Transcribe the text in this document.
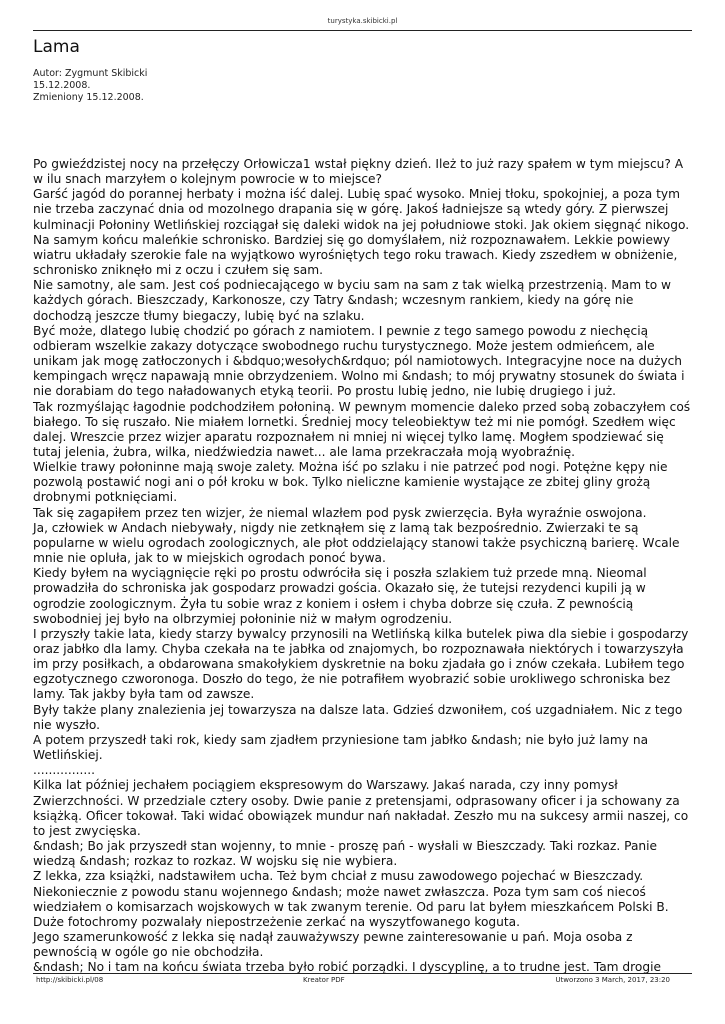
turystyka.skibicki.pl
Lama
Autor: Zygmunt Skibicki
15.12.2008.
Zmieniony 15.12.2008.

Po gwieździstej nocy na przełęczy Orłowicza1 wstał piękny dzień. Ileż to już razy spałem w tym miejscu? A w ilu snach marzyłem o kolejnym powrocie w to miejsce?

Garść jagód do porannej herbaty i można iść dalej. Lubię spać wysoko. Mniej tłoku, spokojniej, a poza tym nie trzeba zaczynać dnia od mozolnego drapania się w górę. Jakoś ładniejsze są wtedy góry. Z pierwszej kulminacji Połoniny Wetlińskiej rozciągał się daleki widok na jej południowe stoki. Jak okiem sięgnąć nikogo. Na samym końcu maleńkie schronisko. Bardziej się go domyślałem, niż rozpoznawałem. Lekkie powiewy wiatru układały szerokie fale na wyjątkowo wyrośniętych tego roku trawach. Kiedy zszedłem w obniżenie, schronisko zniknęło mi z oczu i czułem się sam.

Nie samotny, ale sam. Jest coś podniecającego w byciu sam na sam z tak wielką przestrzenią. Mam to w każdych górach. Bieszczady, Karkonosze, czy Tatry &ndash; wczesnym rankiem, kiedy na górę nie dochodzą jeszcze tłumy biegaczy, lubię być na szlaku.

Być może, dlatego lubię chodzić po górach z namiotem. I pewnie z tego samego powodu z niechęcią odbieram wszelkie zakazy dotyczące swobodnego ruchu turystycznego. Może jestem odmieńcem, ale unikam jak mogę zatłoczonych i &bdquo;wesołych&rdquo; pól namiotowych. Integracyjne noce na dużych kempingach wręcz napawają mnie obrzydzeniem. Wolno mi &ndash; to mój prywatny stosunek do świata i nie dorabiam do tego naładowanych etyką teorii. Po prostu lubię jedno, nie lubię drugiego i już.

Tak rozmyślając łagodnie podchodziłem połoniną. W pewnym momencie daleko przed sobą zobaczyłem coś białego. To się ruszało. Nie miałem lornetki. Średniej mocy teleobiektyw też mi nie pomógł. Szedłem więc dalej. Wreszcie przez wizjer aparatu rozpoznałem ni mniej ni więcej tylko lamę. Mogłem spodziewać się tutaj jelenia, żubra, wilka, niedźwiedzia nawet... ale lama przekraczała moją wyobraźnię.

Wielkie trawy połoninne mają swoje zalety. Można iść po szlaku i nie patrzeć pod nogi. Potężne kępy nie pozwolą postawić nogi ani o pół kroku w bok. Tylko nieliczne kamienie wystające ze zbitej gliny grożą drobnymi potknięciami.

Tak się zagapiłem przez ten wizjer, że niemal wlazłem pod pysk zwierzęcia. Była wyraźnie oswojona.

Ja, człowiek w Andach niebywały, nigdy nie zetknąłem się z lamą tak bezpośrednio. Zwierzaki te są popularne w wielu ogrodach zoologicznych, ale płot oddzielający stanowi także psychiczną barierę. Wcale mnie nie opluła, jak to w miejskich ogrodach ponoć bywa.

Kiedy byłem na wyciągnięcie ręki po prostu odwróciła się i poszła szlakiem tuż przede mną. Nieomal prowadziła do schroniska jak gospodarz prowadzi gościa. Okazało się, że tutejsi rezydenci kupili ją w ogrodzie zoologicznym. Żyła tu sobie wraz z koniem i osłem i chyba dobrze się czuła. Z pewnością swobodniej jej było na olbrzymiej połoninie niż w małym ogrodzeniu.

I przyszły takie lata, kiedy starzy bywalcy przynosili na Wetlińską kilka butelek piwa dla siebie i gospodarzy oraz jabłko dla lamy. Chyba czekała na te jabłka od znajomych, bo rozpoznawała niektórych i towarzyszyła im przy posiłkach, a obdarowana smakołykiem dyskretnie na boku zjadała go i znów czekała. Lubiłem tego egzotycznego czworonoga. Doszło do tego, że nie potrafiłem wyobrazić sobie urokliwego schroniska bez lamy. Tak jakby była tam od zawsze.

Były także plany znalezienia jej towarzysza na dalsze lata. Gdzieś dzwoniłem, coś uzgadniałem. Nic z tego nie wyszło.

A potem przyszedł taki rok, kiedy sam zjadłem przyniesione tam jabłko &ndash; nie było już lamy na Wetlińskiej.

................

Kilka lat później jechałem pociągiem ekspresowym do Warszawy. Jakaś narada, czy inny pomysł Zwierzchności. W przedziale cztery osoby. Dwie panie z pretensjami, odprasowany oficer i ja schowany za książką. Oficer tokował. Taki widać obowiązek mundur nań nakładał. Zeszło mu na sukcesy armii naszej, co to jest zwycięska.

&ndash; Bo jak przyszedł stan wojenny, to mnie - proszę pań - wysłali w Bieszczady. Taki rozkaz. Panie wiedzą &ndash; rozkaz to rozkaz. W wojsku się nie wybiera.

Z lekka, zza książki, nadstawiłem ucha. Też bym chciał z musu zawodowego pojechać w Bieszczady. Niekoniecznie z powodu stanu wojennego &ndash; może nawet zwłaszcza. Poza tym sam coś niecoś wiedziałem o komisarzach wojskowych w tak zwanym terenie. Od paru lat byłem mieszkańcem Polski B. Duże fotochromy pozwalały niepostrzeżenie zerkać na wyszytfowanego koguta.

Jego szamerunkowość z lekka się nadął zauważywszy pewne zainteresowanie u pań. Moja osoba z pewnością w ogóle go nie obchodziła.

&ndash; No i tam na końcu świata trzeba było robić porządki. I dyscyplinę, a to trudne jest. Tam drogie

http://skibicki.pl/08	Kreator PDF	Utworzono 3 March, 2017, 23:20
